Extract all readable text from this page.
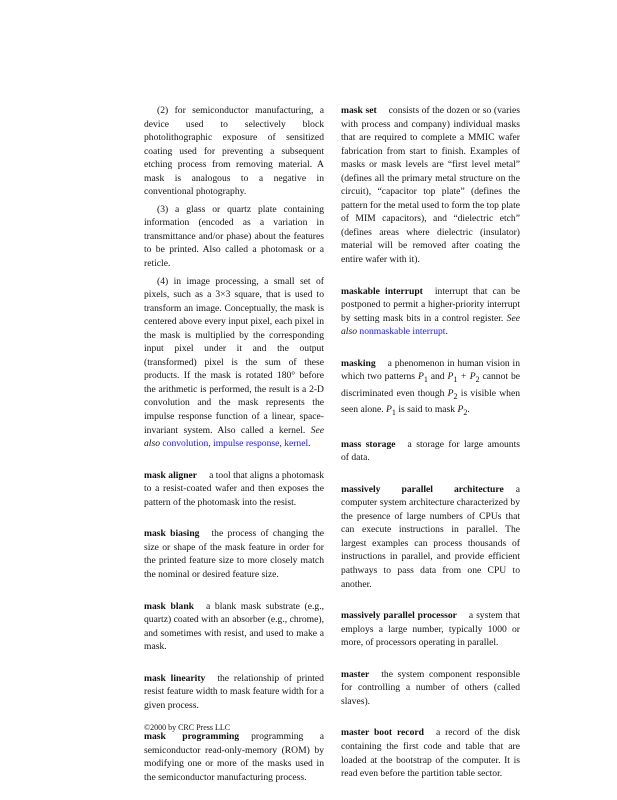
(2) for semiconductor manufacturing, a device used to selectively block photolithographic exposure of sensitized coating used for preventing a subsequent etching process from removing material. A mask is analogous to a negative in conventional photography.

(3) a glass or quartz plate containing information (encoded as a variation in transmittance and/or phase) about the features to be printed. Also called a photomask or a reticle.

(4) in image processing, a small set of pixels, such as a 3×3 square, that is used to transform an image. Conceptually, the mask is centered above every input pixel, each pixel in the mask is multiplied by the corresponding input pixel under it and the output (transformed) pixel is the sum of these products. If the mask is rotated 180° before the arithmetic is performed, the result is a 2-D convolution and the mask represents the impulse response function of a linear, space-invariant system. Also called a kernel. See also convolution, impulse response, kernel.

mask aligner a tool that aligns a photomask to a resist-coated wafer and then exposes the pattern of the photomask into the resist.

mask biasing the process of changing the size or shape of the mask feature in order for the printed feature size to more closely match the nominal or desired feature size.

mask blank a blank mask substrate (e.g., quartz) coated with an absorber (e.g., chrome), and sometimes with resist, and used to make a mask.

mask linearity the relationship of printed resist feature width to mask feature width for a given process.

mask programming programming a semiconductor read-only-memory (ROM) by modifying one or more of the masks used in the semiconductor manufacturing process.

mask set consists of the dozen or so (varies with process and company) individual masks that are required to complete a MMIC wafer fabrication from start to finish. Examples of masks or mask levels are “first level metal” (defines all the primary metal structure on the circuit), “capacitor top plate” (defines the pattern for the metal used to form the top plate of MIM capacitors), and “dielectric etch” (defines areas where dielectric (insulator) material will be removed after coating the entire wafer with it).

maskable interrupt interrupt that can be postponed to permit a higher-priority interrupt by setting mask bits in a control register. See also nonmaskable interrupt.

masking a phenomenon in human vision in which two patterns $P_1$ and $P_1 + P_2$ cannot be discriminated even though $P_2$ is visible when seen alone. $P_1$ is said to mask $P_2$.

mass storage a storage for large amounts of data.

massively parallel architecture a computer system architecture characterized by the presence of large numbers of CPUs that can execute instructions in parallel. The largest examples can process thousands of instructions in parallel, and provide efficient pathways to pass data from one CPU to another.

massively parallel processor a system that employs a large number, typically 1000 or more, of processors operating in parallel.

master the system component responsible for controlling a number of others (called slaves).

master boot record a record of the disk containing the first code and table that are loaded at the bootstrap of the computer. It is read even before the partition table sector.

©2000 by CRC Press LLC
